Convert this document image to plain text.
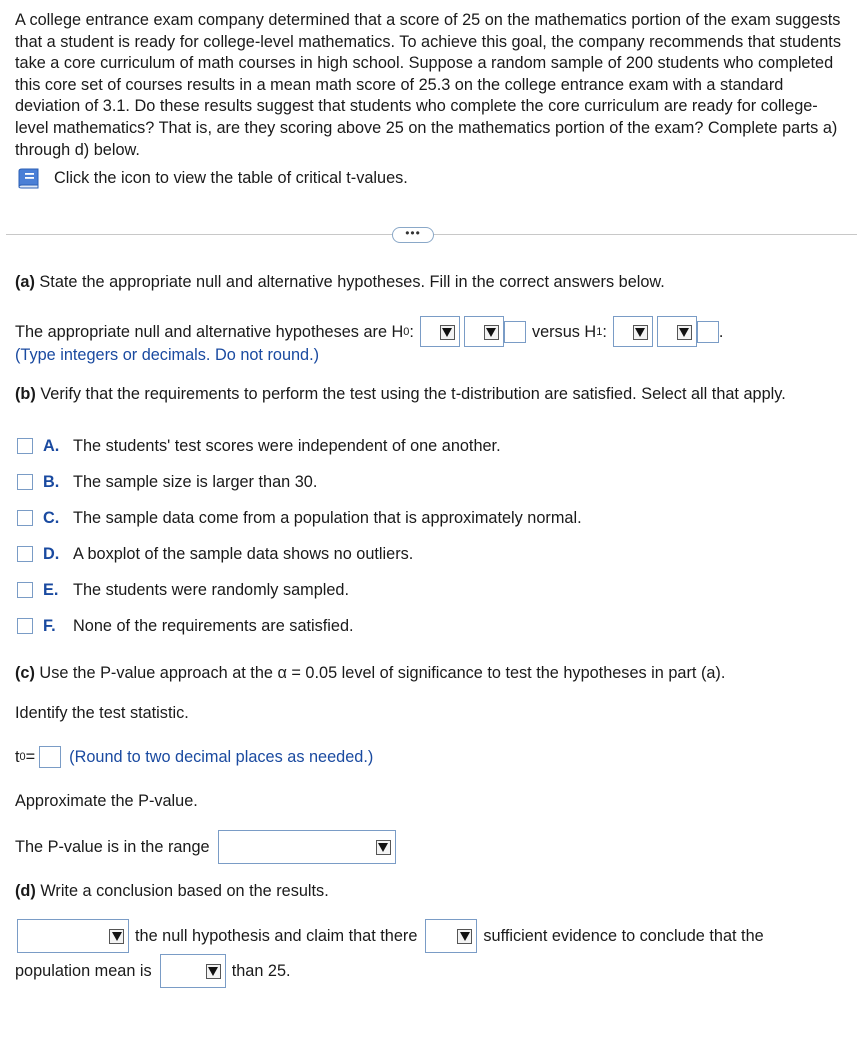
A college entrance exam company determined that a score of 25 on the mathematics portion of the exam suggests that a student is ready for college-level mathematics. To achieve this goal, the company recommends that students take a core curriculum of math courses in high school. Suppose a random sample of 200 students who completed this core set of courses results in a mean math score of 25.3 on the college entrance exam with a standard deviation of 3.1. Do these results suggest that students who complete the core curriculum are ready for college-level mathematics? That is, are they scoring above 25 on the mathematics portion of the exam? Complete parts a) through d) below.

Click the icon to view the table of critical t-values.
•••
(a) State the appropriate null and alternative hypotheses. Fill in the correct answers below.
The appropriate null and alternative hypotheses are H 0 :	versus H 1 :	.
(Type integers or decimals. Do not round.)
(b) Verify that the requirements to perform the test using the t-distribution are satisfied. Select all that apply.
A. The students' test scores were independent of one another.
B. The sample size is larger than 30.
C. The sample data come from a population that is approximately normal.
D. A boxplot of the sample data shows no outliers.
E. The students were randomly sampled.
F.	None of the requirements are satisfied.
(c) Use the P-value approach at the α = 0.05 level of significance to test the hypotheses in part (a).
Identify the test statistic.
t 0 = (Round to two decimal places as needed.)
Approximate the P-value.
The P-value is in the range
(d) Write a conclusion based on the results.
the null hypothesis and claim that there	sufficient evidence to conclude that the
population mean is	than 25.
